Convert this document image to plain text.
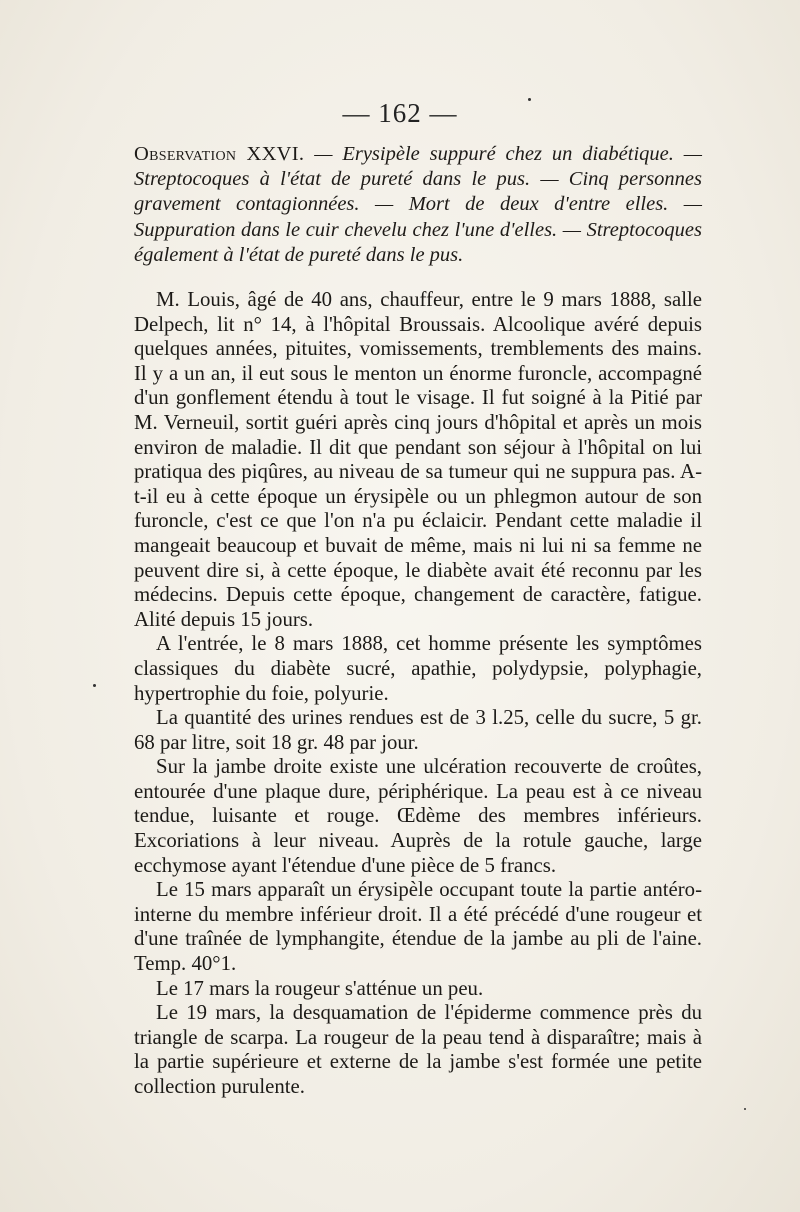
— 162 —
Observation XXVI. — Erysipèle suppuré chez un diabétique. — Streptocoques à l'état de pureté dans le pus. — Cinq personnes gravement contagionnées. — Mort de deux d'entre elles. — Suppuration dans le cuir chevelu chez l'une d'elles. — Streptocoques également à l'état de pureté dans le pus.

M. Louis, âgé de 40 ans, chauffeur, entre le 9 mars 1888, salle Delpech, lit n° 14, à l'hôpital Broussais. Alcoolique avéré depuis quelques années, pituites, vomissements, tremblements des mains. Il y a un an, il eut sous le menton un énorme furoncle, accompagné d'un gonflement étendu à tout le visage. Il fut soigné à la Pitié par M. Verneuil, sortit guéri après cinq jours d'hôpital et après un mois environ de maladie. Il dit que pendant son séjour à l'hôpital on lui pratiqua des piqûres, au niveau de sa tumeur qui ne suppura pas. A-t-il eu à cette époque un érysipèle ou un phlegmon autour de son furoncle, c'est ce que l'on n'a pu éclaicir. Pendant cette maladie il mangeait beaucoup et buvait de même, mais ni lui ni sa femme ne peuvent dire si, à cette époque, le diabète avait été reconnu par les médecins. Depuis cette époque, changement de caractère, fatigue. Alité depuis 15 jours.

A l'entrée, le 8 mars 1888, cet homme présente les symptômes classiques du diabète sucré, apathie, polydypsie, polyphagie, hypertrophie du foie, polyurie.

La quantité des urines rendues est de 3 l.25, celle du sucre, 5 gr. 68 par litre, soit 18 gr. 48 par jour.

Sur la jambe droite existe une ulcération recouverte de croûtes, entourée d'une plaque dure, périphérique. La peau est à ce niveau tendue, luisante et rouge. Œdème des membres inférieurs. Excoriations à leur niveau. Auprès de la rotule gauche, large ecchymose ayant l'étendue d'une pièce de 5 francs.

Le 15 mars apparaît un érysipèle occupant toute la partie antéro-interne du membre inférieur droit. Il a été précédé d'une rougeur et d'une traînée de lymphangite, étendue de la jambe au pli de l'aine. Temp. 40°1.

Le 17 mars la rougeur s'atténue un peu.

Le 19 mars, la desquamation de l'épiderme commence près du triangle de scarpa. La rougeur de la peau tend à disparaître; mais à la partie supérieure et externe de la jambe s'est formée une petite collection purulente.
